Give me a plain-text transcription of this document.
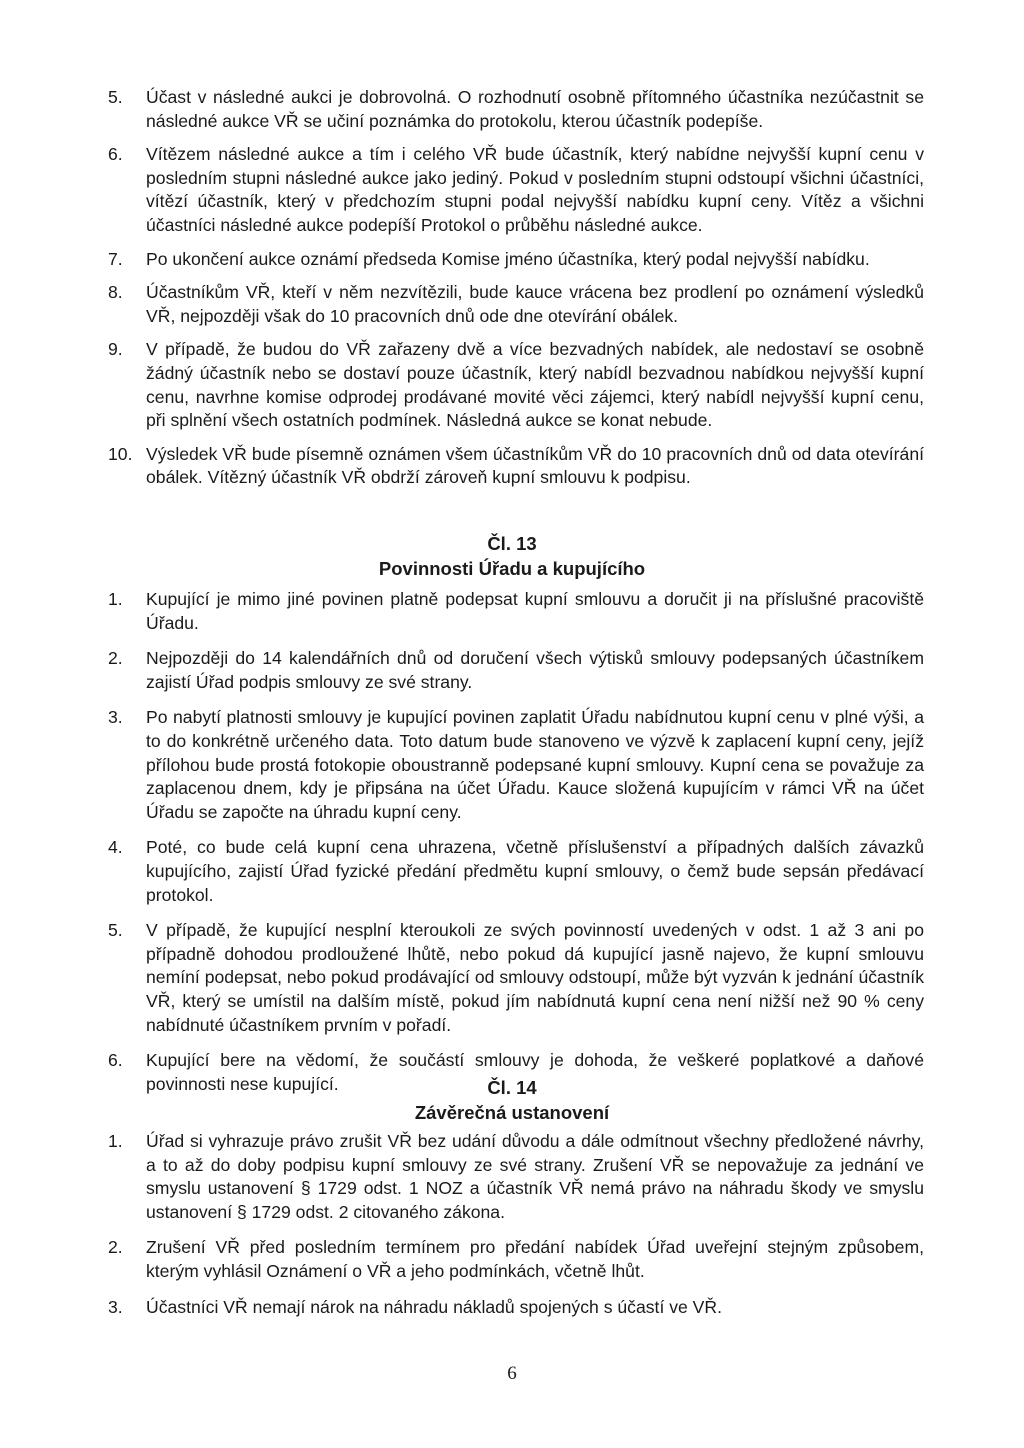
5. Účast v následné aukci je dobrovolná. O rozhodnutí osobně přítomného účastníka nezúčastnit se následné aukce VŘ se učiní poznámka do protokolu, kterou účastník podepíše.
6. Vítězem následné aukce a tím i celého VŘ bude účastník, který nabídne nejvyšší kupní cenu v posledním stupni následné aukce jako jediný. Pokud v posledním stupni odstoupí všichni účastníci, vítězí účastník, který v předchozím stupni podal nejvyšší nabídku kupní ceny. Vítěz a všichni účastníci následné aukce podepíší Protokol o průběhu následné aukce.
7. Po ukončení aukce oznámí předseda Komise jméno účastníka, který podal nejvyšší nabídku.
8. Účastníkům VŘ, kteří v něm nezvítězili, bude kauce vrácena bez prodlení po oznámení výsledků VŘ, nejpozději však do 10 pracovních dnů ode dne otevírání obálek.
9. V případě, že budou do VŘ zařazeny dvě a více bezvadných nabídek, ale nedostaví se osobně žádný účastník nebo se dostaví pouze účastník, který nabídl bezvadnou nabídkou nejvyšší kupní cenu, navrhne komise odprodej prodávané movité věci zájemci, který nabídl nejvyšší kupní cenu, při splnění všech ostatních podmínek. Následná aukce se konat nebude.
10. Výsledek VŘ bude písemně oznámen všem účastníkům VŘ do 10 pracovních dnů od data otevírání obálek. Vítězný účastník VŘ obdrží zároveň kupní smlouvu k podpisu.
Čl. 13
Povinnosti Úřadu a kupujícího
1. Kupující je mimo jiné povinen platně podepsat kupní smlouvu a doručit ji na příslušné pracoviště Úřadu.
2. Nejpozději do 14 kalendářních dnů od doručení všech výtisků smlouvy podepsaných účastníkem zajistí Úřad podpis smlouvy ze své strany.
3. Po nabytí platnosti smlouvy je kupující povinen zaplatit Úřadu nabídnutou kupní cenu v plné výši, a to do konkrétně určeného data. Toto datum bude stanoveno ve výzvě k zaplacení kupní ceny, jejíž přílohou bude prostá fotokopie oboustranně podepsané kupní smlouvy. Kupní cena se považuje za zaplacenou dnem, kdy je připsána na účet Úřadu. Kauce složená kupujícím v rámci VŘ na účet Úřadu se započte na úhradu kupní ceny.
4. Poté, co bude celá kupní cena uhrazena, včetně příslušenství a případných dalších závazků kupujícího, zajistí Úřad fyzické předání předmětu kupní smlouvy, o čemž bude sepsán předávací protokol.
5. V případě, že kupující nesplní kteroukoli ze svých povinností uvedených v odst. 1 až 3 ani po případně dohodou prodloužené lhůtě, nebo pokud dá kupující jasně najevo, že kupní smlouvu nemíní podepsat, nebo pokud prodávající od smlouvy odstoupí, může být vyzván k jednání účastník VŘ, který se umístil na dalším místě, pokud jím nabídnutá kupní cena není nižší než 90 % ceny nabídnuté účastníkem prvním v pořadí.
6. Kupující bere na vědomí, že součástí smlouvy je dohoda, že veškeré poplatkové a daňové povinnosti nese kupující.	Čl. 14
Závěrečná ustanovení
1. Úřad si vyhrazuje právo zrušit VŘ bez udání důvodu a dále odmítnout všechny předložené návrhy, a to až do doby podpisu kupní smlouvy ze své strany. Zrušení VŘ se nepovažuje za jednání ve smyslu ustanovení § 1729 odst. 1 NOZ a účastník VŘ nemá právo na náhradu škody ve smyslu ustanovení § 1729 odst. 2 citovaného zákona.
2. Zrušení VŘ před posledním termínem pro předání nabídek Úřad uveřejní stejným způsobem, kterým vyhlásil Oznámení o VŘ a jeho podmínkách, včetně lhůt.
3. Účastníci VŘ nemají nárok na náhradu nákladů spojených s účastí ve VŘ.
6
